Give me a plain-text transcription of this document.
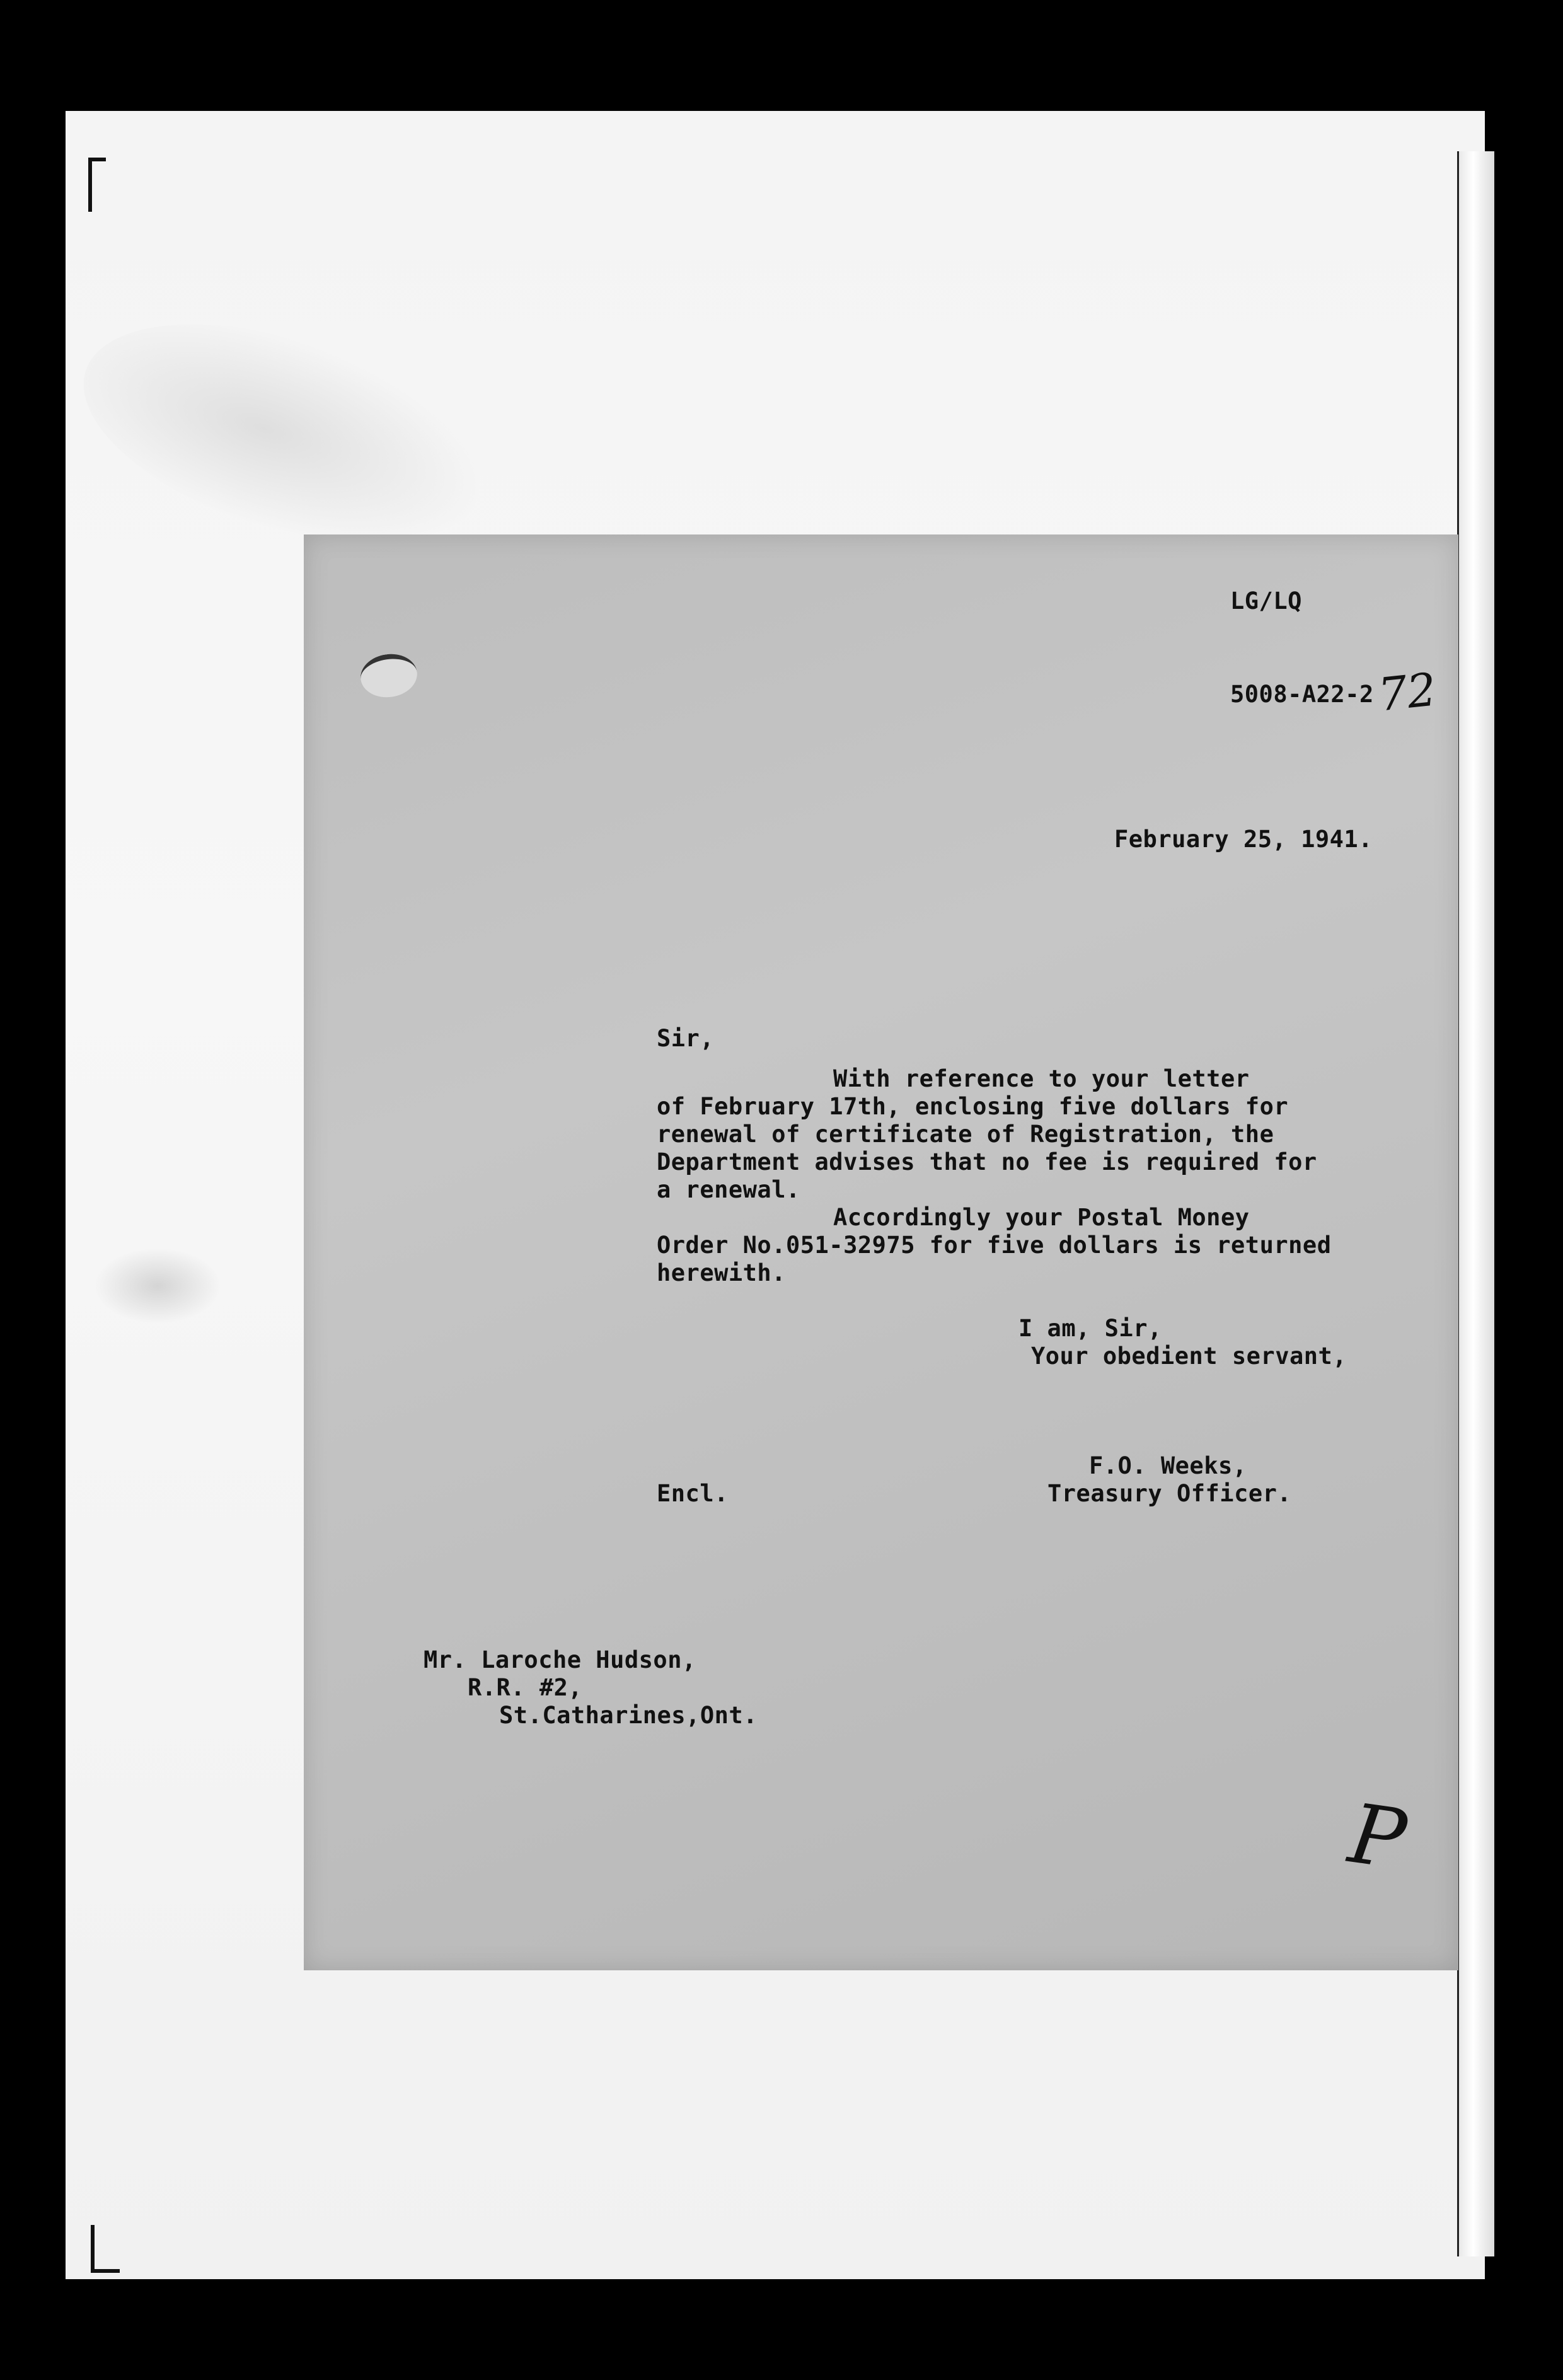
LG/LQ
5008-A22-2 72
February 25, 1941.
Sir,
With reference to your letter
of February 17th, enclosing five dollars for
renewal of certificate of Registration, the
Department advises that no fee is required for
a renewal.
Accordingly your Postal Money
Order No.051-32975 for five dollars is returned
herewith.
I am, Sir,
Your obedient servant,
F.O. Weeks,
Treasury Officer.
Encl.
Mr. Laroche Hudson,
R.R. #2,
St.Catharines,Ont.
P
